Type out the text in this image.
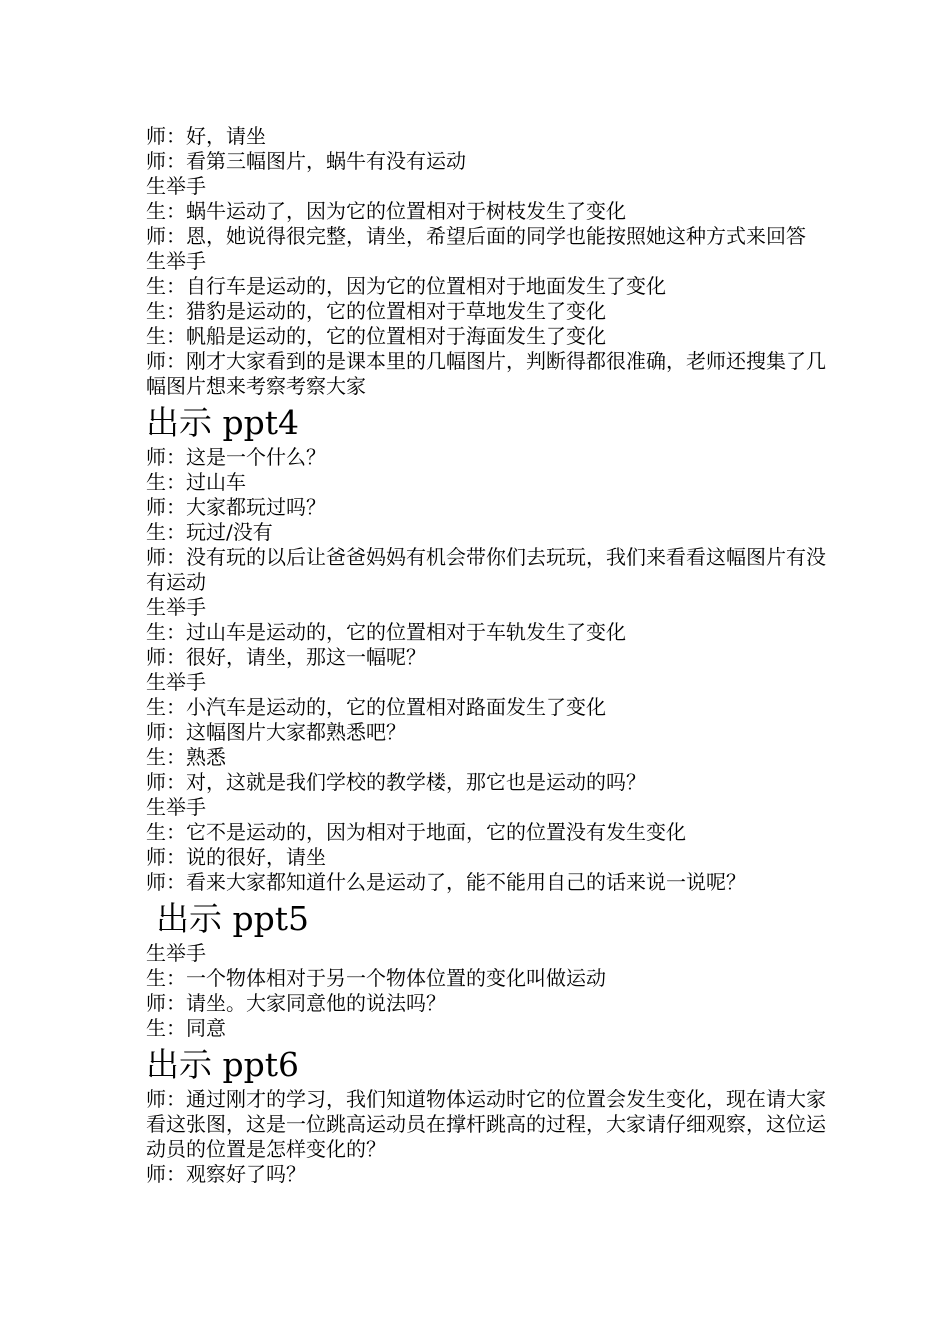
师：好，请坐

师：看第三幅图片，蜗牛有没有运动

生举手

生：蜗牛运动了，因为它的位置相对于树枝发生了变化

师：恩，她说得很完整，请坐，希望后面的同学也能按照她这种方式来回答

生举手

生：自行车是运动的，因为它的位置相对于地面发生了变化

生：猎豹是运动的，它的位置相对于草地发生了变化

生：帆船是运动的，它的位置相对于海面发生了变化

师：刚才大家看到的是课本里的几幅图片，判断得都很准确，老师还搜集了几幅图片想来考察考察大家

出示 ppt4

师：这是一个什么？

生：过山车

师：大家都玩过吗？

生：玩过/没有

师：没有玩的以后让爸爸妈妈有机会带你们去玩玩，我们来看看这幅图片有没有运动

生举手

生：过山车是运动的，它的位置相对于车轨发生了变化

师：很好，请坐，那这一幅呢？

生举手

生：小汽车是运动的，它的位置相对路面发生了变化

师：这幅图片大家都熟悉吧？

生：熟悉

师：对，这就是我们学校的教学楼，那它也是运动的吗？

生举手

生：它不是运动的，因为相对于地面，它的位置没有发生变化

师：说的很好，请坐

师：看来大家都知道什么是运动了，能不能用自己的话来说一说呢？

出示 ppt5

生举手

生：一个物体相对于另一个物体位置的变化叫做运动

师：请坐。大家同意他的说法吗？

生：同意

出示 ppt6

师：通过刚才的学习，我们知道物体运动时它的位置会发生变化，现在请大家看这张图，这是一位跳高运动员在撑杆跳高的过程，大家请仔细观察，这位运动员的位置是怎样变化的？

师：观察好了吗？
